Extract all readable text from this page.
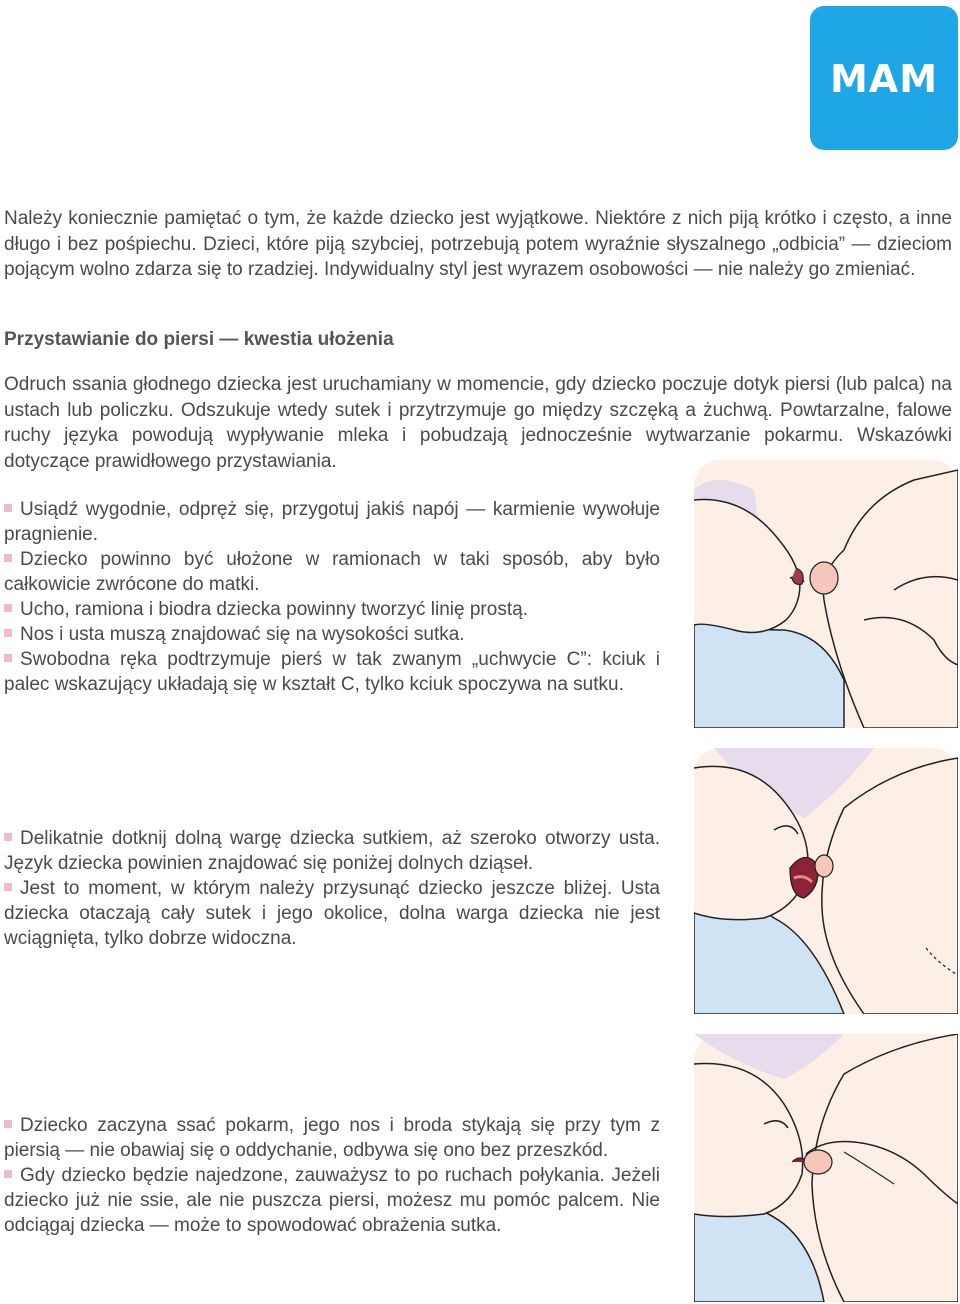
MAM

Należy koniecznie pamiętać o tym, że każde dziecko jest wyjątkowe. Niektóre z nich piją krótko i często, a inne długo i bez pośpiechu. Dzieci, które piją szybciej, potrzebują potem wyraźnie słyszalnego „odbicia” — dzieciom pojącym wolno zdarza się to rzadziej. Indywidualny styl jest wyrazem osobowości — nie należy go zmieniać.

Przystawianie do piersi — kwestia ułożenia

Odruch ssania głodnego dziecka jest uruchamiany w momencie, gdy dziecko poczuje dotyk piersi (lub palca) na ustach lub policzku. Odszukuje wtedy sutek i przytrzymuje go między szczęką a żuchwą. Powtarzalne, falowe ruchy języka powodują wypływanie mleka i pobudzają jednocześnie wytwarzanie pokarmu. Wskazówki dotyczące prawidłowego przystawiania.

Usiądź wygodnie, odpręż się, przygotuj jakiś napój — karmienie wywołuje pragnienie.
Dziecko powinno być ułożone w ramionach w taki sposób, aby było całkowicie zwrócone do matki.
Ucho, ramiona i biodra dziecka powinny tworzyć linię prostą.
Nos i usta muszą znajdować się na wysokości sutka.
Swobodna ręka podtrzymuje pierś w tak zwanym „uchwycie C”: kciuk i palec wskazujący układają się w kształt C, tylko kciuk spoczywa na sutku.
Delikatnie dotknij dolną wargę dziecka sutkiem, aż szeroko otworzy usta. Język dziecka powinien znajdować się poniżej dolnych dziąseł.
Jest to moment, w którym należy przysunąć dziecko jeszcze bliżej. Usta dziecka otaczają cały sutek i jego okolice, dolna warga dziecka nie jest wciągnięta, tylko dobrze widoczna.
Dziecko zaczyna ssać pokarm, jego nos i broda stykają się przy tym z piersią — nie obawiaj się o oddychanie, odbywa się ono bez przeszkód.
Gdy dziecko będzie najedzone, zauważysz to po ruchach połykania. Jeżeli dziecko już nie ssie, ale nie puszcza piersi, możesz mu pomóc palcem. Nie odciągaj dziecka — może to spowodować obrażenia sutka.
